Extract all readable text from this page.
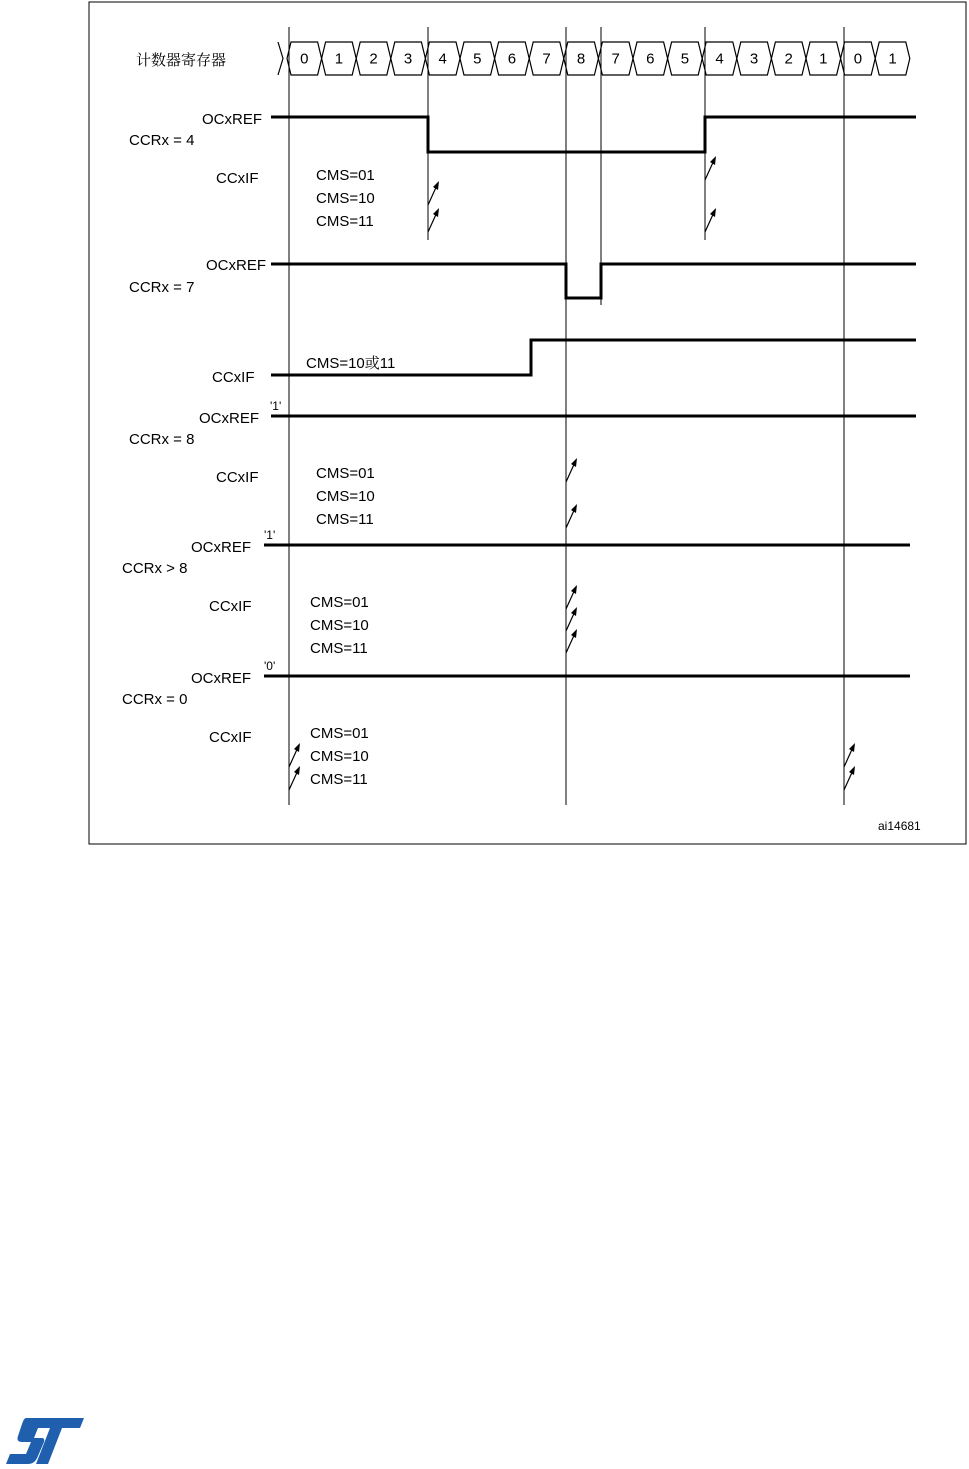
计数器寄存器	0 1 2 3 4 5 6 7 8 7 6 5 4 3 2 1 0 1
OCxREF
CCRx = 4
CCxIF	CMS=01
CMS=10
CMS=11
OCxREF
CCRx = 7
CMS=10或11
CCxIF
'1'
OCxREF
CCRx = 8
CCxIF	CMS=01
CMS=10
CMS=11
'1'
OCxREF
CCRx > 8
CCxIF	CMS=01
CMS=10
CMS=11
'0'
OCxREF
CCRx = 0
CCxIF	CMS=01
CMS=10
CMS=11
ai14681
